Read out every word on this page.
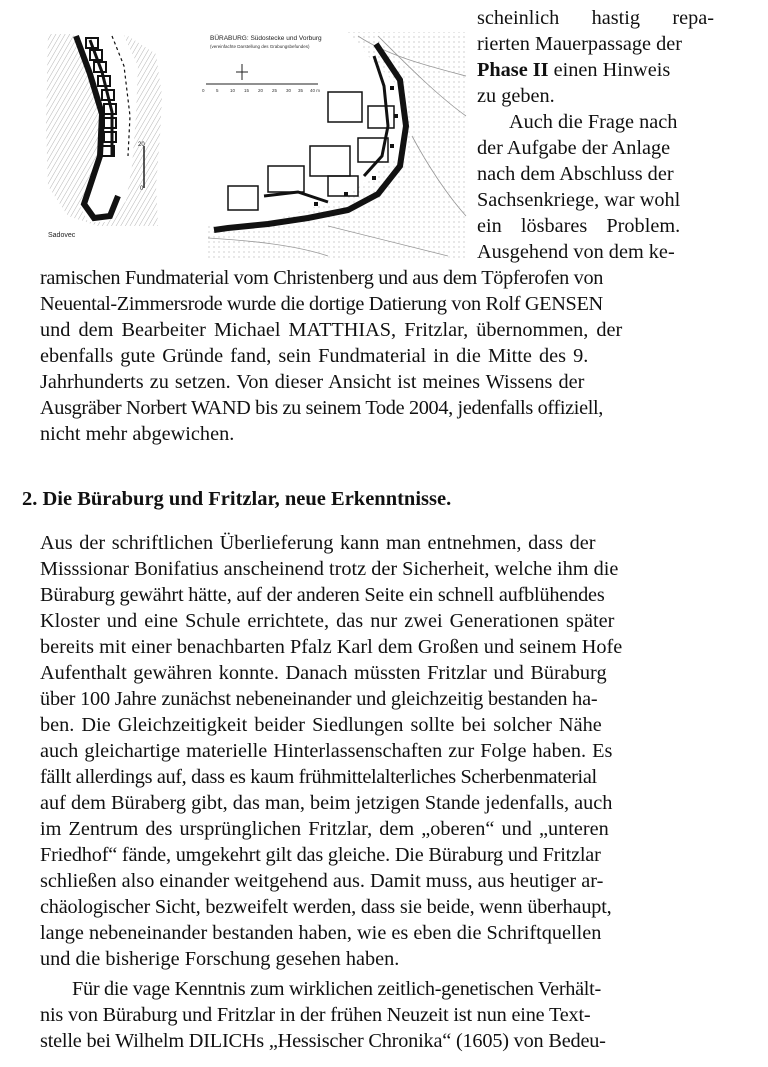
Sadovec
20
0
BÜRABURG: Südostecke und Vorburg
(vereinfachte Darstellung des Grabungsbefundes)
0	5	10 15 20 25 30 35 40 m
scheinlich hastig repa-
rierten Mauerpassage der
Phase II einen Hinweis
zu geben.
Auch die Frage nach
der Aufgabe der Anlage
nach dem Abschluss der
Sachsenkriege, war wohl
ein lösbares Problem.
Ausgehend von dem ke-
ramischen Fundmaterial vom Christenberg und aus dem Töpferofen von
Neuental-Zimmersrode wurde die dortige Datierung von Rolf GENSEN
und dem Bearbeiter Michael MATTHIAS, Fritzlar, übernommen, der
ebenfalls gute Gründe fand, sein Fundmaterial in die Mitte des 9.
Jahrhunderts zu setzen. Von dieser Ansicht ist meines Wissens der
Ausgräber Norbert WAND bis zu seinem Tode 2004, jedenfalls offiziell,
nicht mehr abgewichen.
2. Die Büraburg und Fritzlar, neue Erkenntnisse.
Aus der schriftlichen Überlieferung kann man entnehmen, dass der
Misssionar Bonifatius anscheinend trotz der Sicherheit, welche ihm die
Büraburg gewährt hätte, auf der anderen Seite ein schnell aufblühendes
Kloster und eine Schule errichtete, das nur zwei Generationen später
bereits mit einer benachbarten Pfalz Karl dem Großen und seinem Hofe
Aufenthalt gewähren konnte. Danach müssten Fritzlar und Büraburg
über 100 Jahre zunächst nebeneinander und gleichzeitig bestanden ha-
ben. Die Gleichzeitigkeit beider Siedlungen sollte bei solcher Nähe
auch gleichartige materielle Hinterlassenschaften zur Folge haben. Es
fällt allerdings auf, dass es kaum frühmittelalterliches Scherbenmaterial
auf dem Büraberg gibt, das man, beim jetzigen Stande jedenfalls, auch
im Zentrum des ursprünglichen Fritzlar, dem „oberen“ und „unteren
Friedhof“ fände, umgekehrt gilt das gleiche. Die Büraburg und Fritzlar
schließen also einander weitgehend aus. Damit muss, aus heutiger ar-
chäologischer Sicht, bezweifelt werden, dass sie beide, wenn überhaupt,
lange nebeneinander bestanden haben, wie es eben die Schriftquellen
und die bisherige Forschung gesehen haben.
Für die vage Kenntnis zum wirklichen zeitlich-genetischen Verhält-
nis von Büraburg und Fritzlar in der frühen Neuzeit ist nun eine Text-
stelle bei Wilhelm DILICHs „Hessischer Chronika“ (1605) von Bedeu-
